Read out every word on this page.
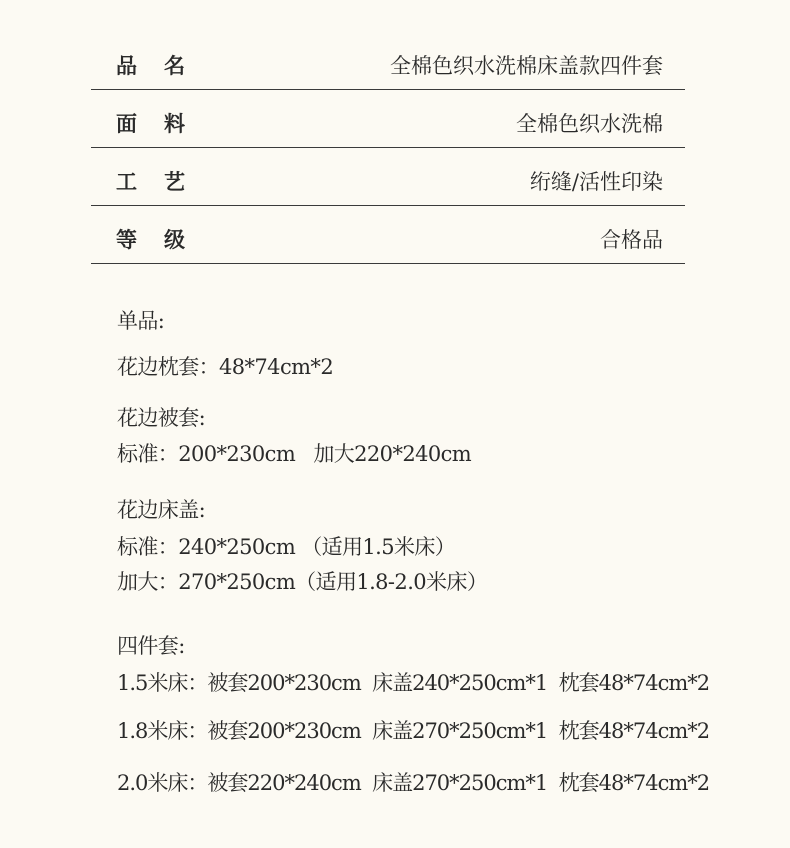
品名	全棉色织水洗棉床盖款四件套
面料	全棉色织水洗棉
工艺	绗缝/活性印染
等级	合格品
单品:
花边枕套：48*74cm*2
花边被套:
标准：200*230cm   加大220*240cm
花边床盖:
标准：240*250cm （适用1.5米床）
加大：270*250cm（适用1.8-2.0米床）
四件套:
1.5米床：被套200*230cm  床盖240*250cm*1  枕套48*74cm*2
1.8米床：被套200*230cm  床盖270*250cm*1  枕套48*74cm*2
2.0米床：被套220*240cm  床盖270*250cm*1  枕套48*74cm*2
